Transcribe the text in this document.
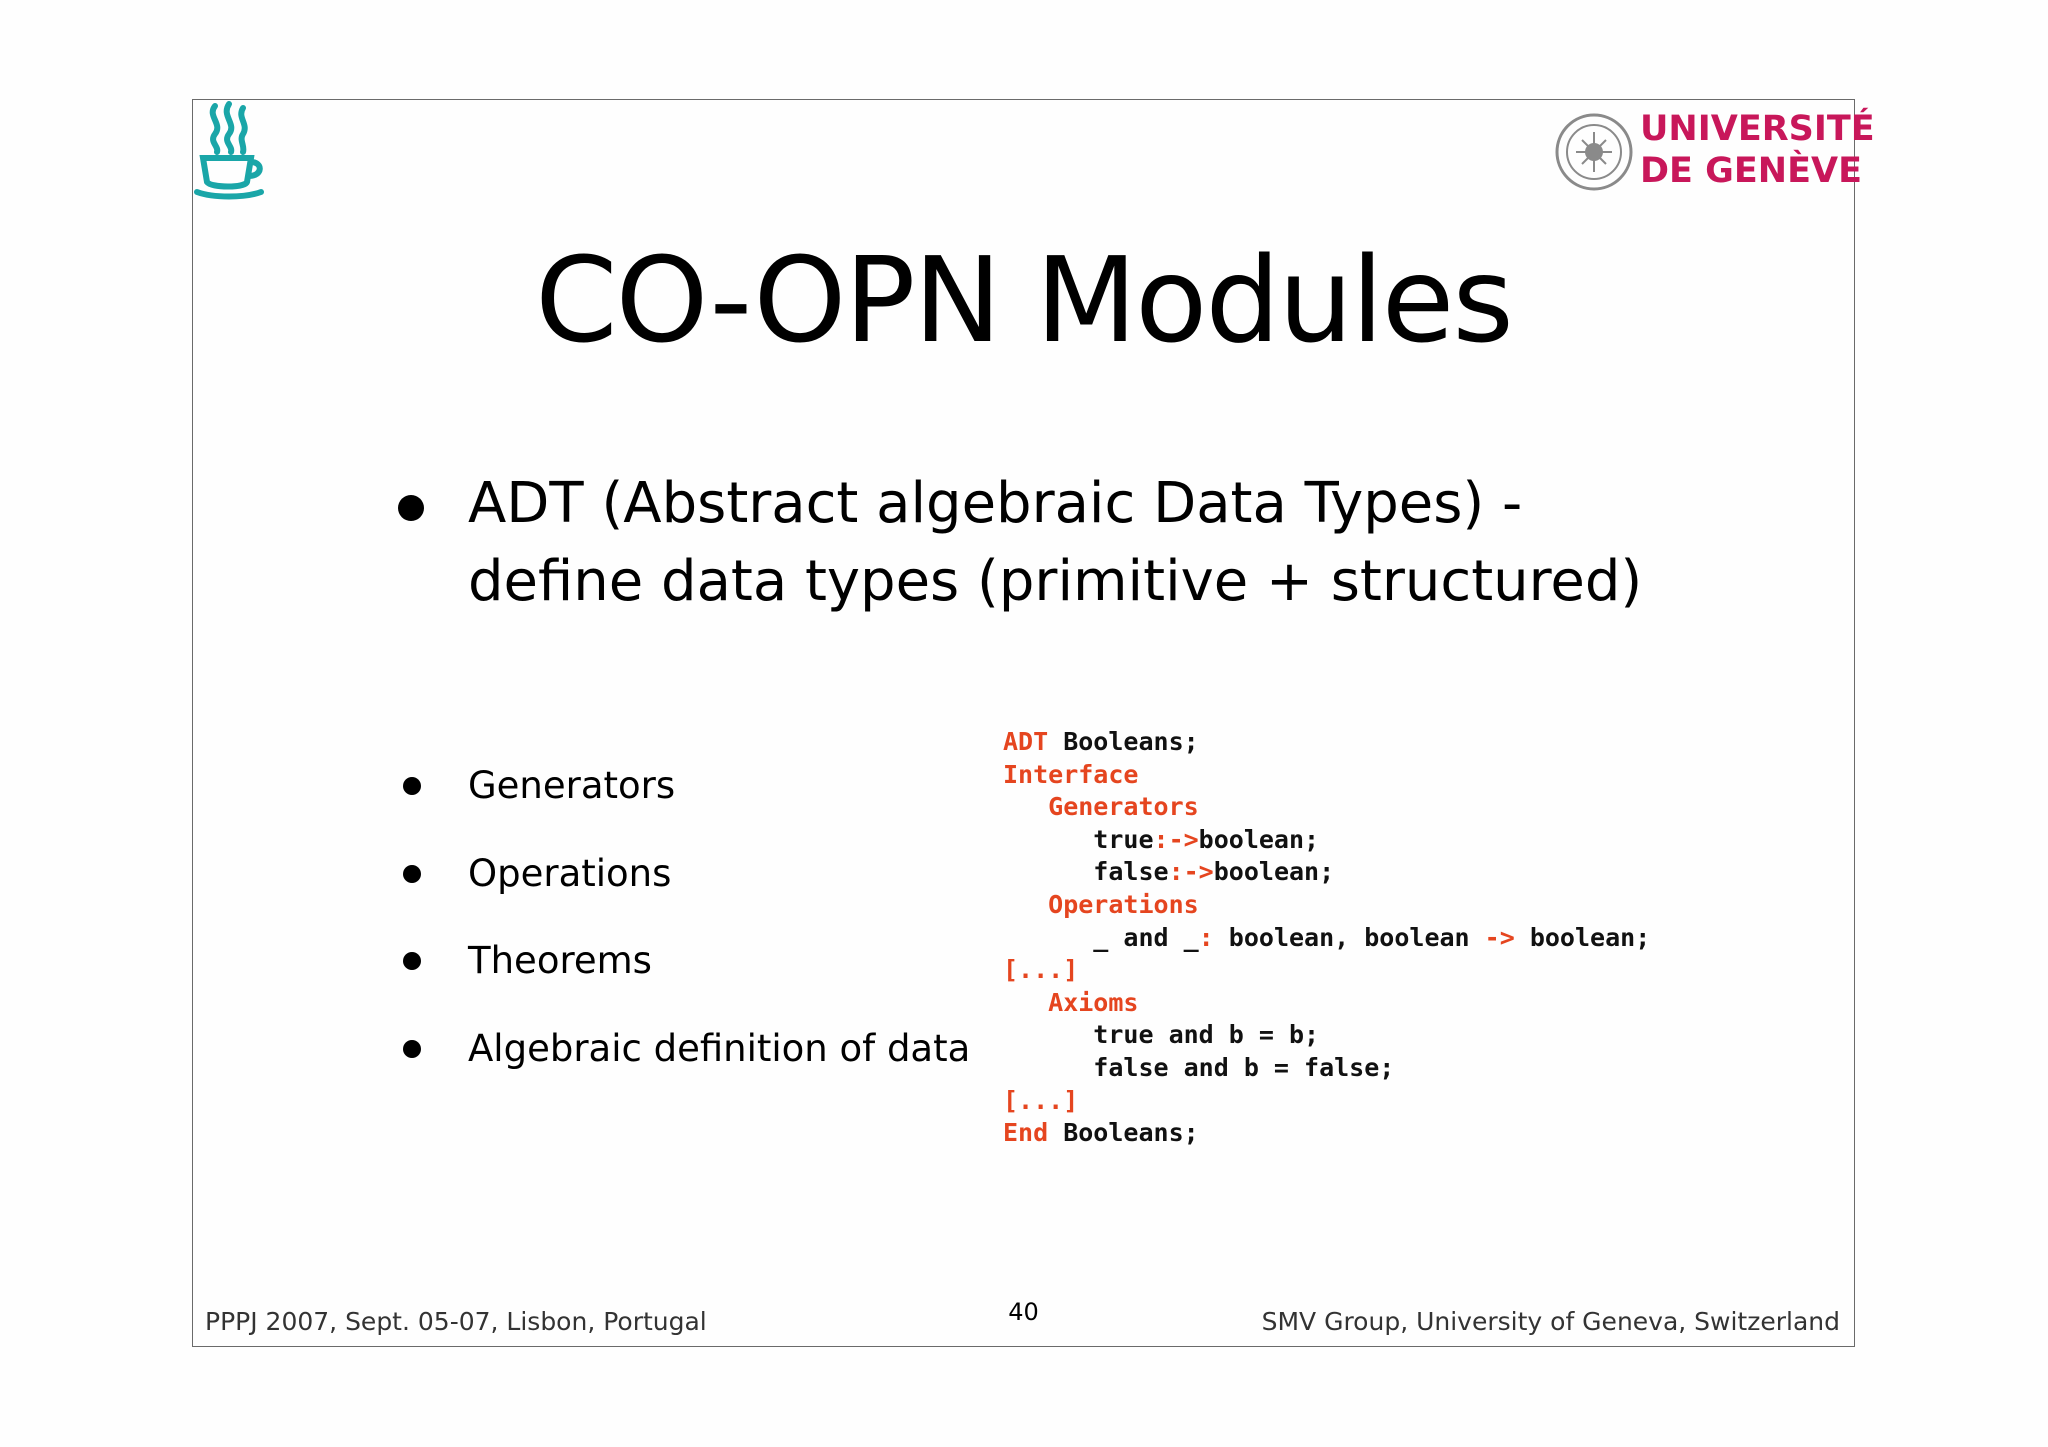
UNIVERSITÉ
DE GENÈVE
CO-OPN Modules
ADT (Abstract algebraic Data Types) -
define data types (primitive + structured)
Generators
Operations
Theorems
Algebraic definition of data
ADT Booleans;
Interface
Generators
true:->boolean;
false:->boolean;
Operations
_ and _: boolean, boolean -> boolean;
[...]
Axioms
true and b = b;
false and b = false;
[...]
End Booleans;
PPPJ 2007, Sept. 05-07, Lisbon, Portugal	40	SMV Group, University of Geneva, Switzerland
